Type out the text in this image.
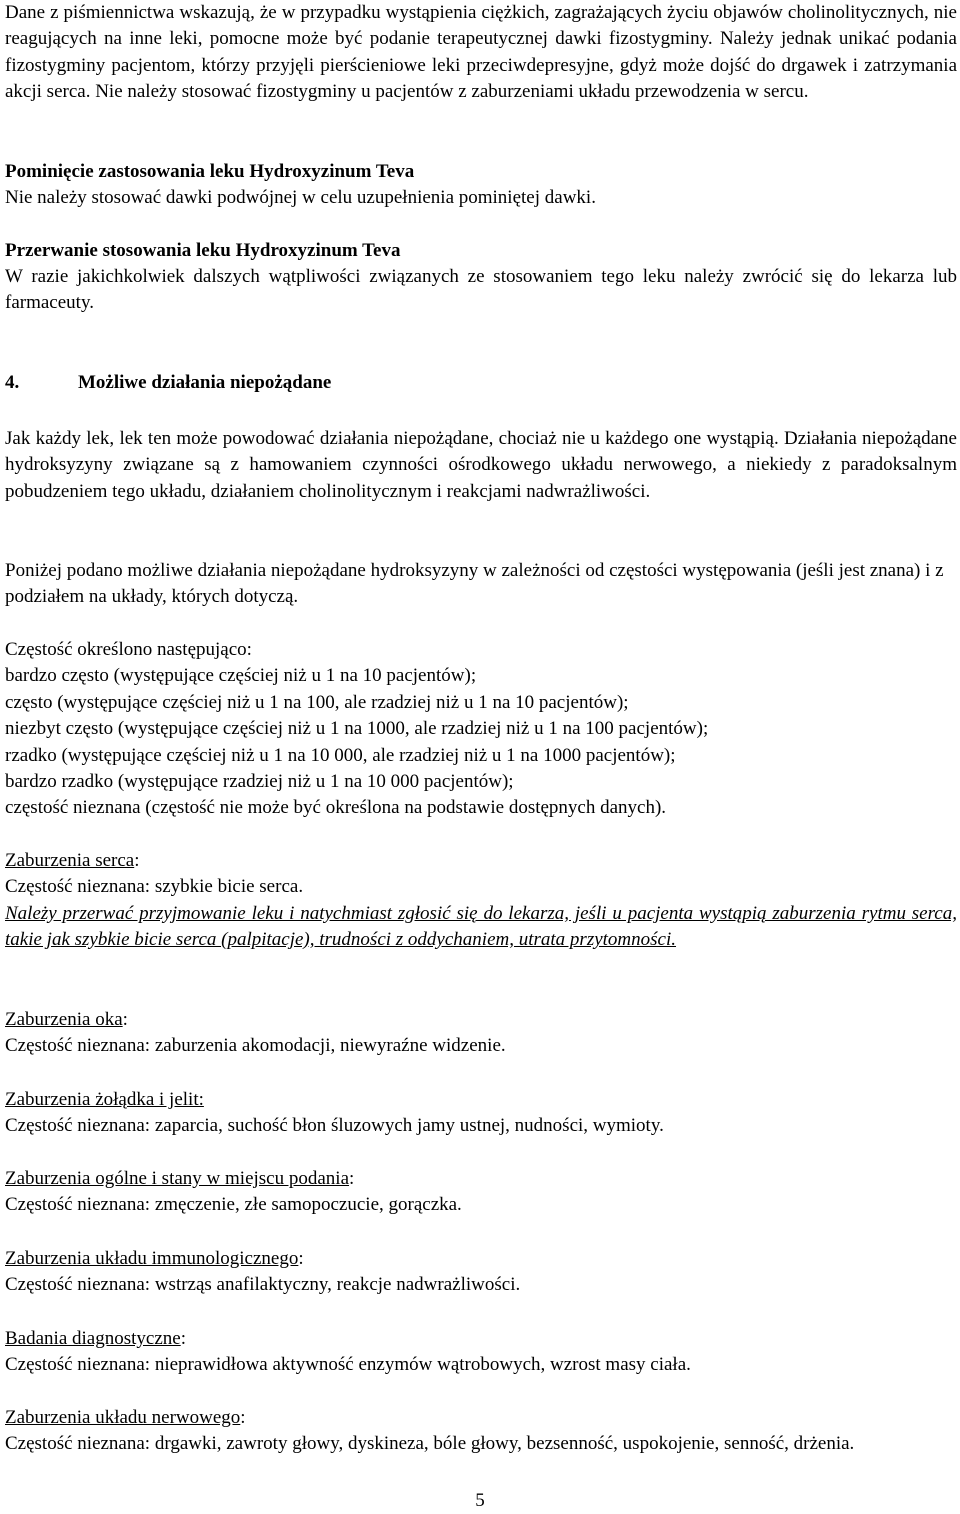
Dane z piśmiennictwa wskazują, że w przypadku wystąpienia ciężkich, zagrażających życiu objawów cholinolitycznych, nie reagujących na inne leki, pomocne może być podanie terapeutycznej dawki fizostygminy. Należy jednak unikać podania fizostygminy pacjentom, którzy przyjęli pierścieniowe leki przeciwdepresyjne, gdyż może dojść do drgawek i zatrzymania akcji serca. Nie należy stosować fizostygminy u pacjentów z zaburzeniami układu przewodzenia w sercu.

Pominięcie zastosowania leku Hydroxyzinum Teva

Nie należy stosować dawki podwójnej w celu uzupełnienia pominiętej dawki.

Przerwanie stosowania leku Hydroxyzinum Teva

W razie jakichkolwiek dalszych wątpliwości związanych ze stosowaniem tego leku należy zwrócić się do lekarza lub farmaceuty.

4.	Możliwe działania niepożądane

Jak każdy lek, lek ten może powodować działania niepożądane, chociaż nie u każdego one wystąpią. Działania niepożądane hydroksyzyny związane są z hamowaniem czynności ośrodkowego układu nerwowego, a niekiedy z paradoksalnym pobudzeniem tego układu, działaniem cholinolitycznym i reakcjami nadwrażliwości.

Poniżej podano możliwe działania niepożądane hydroksyzyny w zależności od częstości występowania (jeśli jest znana) i z podziałem na układy, których dotyczą.

Częstość określono następująco:

bardzo często (występujące częściej niż u 1 na 10 pacjentów);

często (występujące częściej niż u 1 na 100, ale rzadziej niż u 1 na 10 pacjentów);

niezbyt często (występujące częściej niż u 1 na 1000, ale rzadziej niż u 1 na 100 pacjentów);

rzadko (występujące częściej niż u 1 na 10 000, ale rzadziej niż u 1 na 1000 pacjentów);

bardzo rzadko (występujące rzadziej niż u 1 na 10 000 pacjentów);

częstość nieznana (częstość nie może być określona na podstawie dostępnych danych).

Zaburzenia serca:

Częstość nieznana: szybkie bicie serca.

Należy przerwać przyjmowanie leku i natychmiast zgłosić się do lekarza, jeśli u pacjenta wystąpią zaburzenia rytmu serca, takie jak szybkie bicie serca (palpitacje), trudności z oddychaniem, utrata przytomności.

Zaburzenia oka:

Częstość nieznana: zaburzenia akomodacji, niewyraźne widzenie.

Zaburzenia żołądka i jelit:

Częstość nieznana: zaparcia, suchość błon śluzowych jamy ustnej, nudności, wymioty.

Zaburzenia ogólne i stany w miejscu podania:

Częstość nieznana: zmęczenie, złe samopoczucie, gorączka.

Zaburzenia układu immunologicznego:

Częstość nieznana: wstrząs anafilaktyczny, reakcje nadwrażliwości.

Badania diagnostyczne:

Częstość nieznana: nieprawidłowa aktywność enzymów wątrobowych, wzrost masy ciała.

Zaburzenia układu nerwowego:

Częstość nieznana: drgawki, zawroty głowy, dyskineza, bóle głowy, bezsenność, uspokojenie, senność, drżenia.

5
